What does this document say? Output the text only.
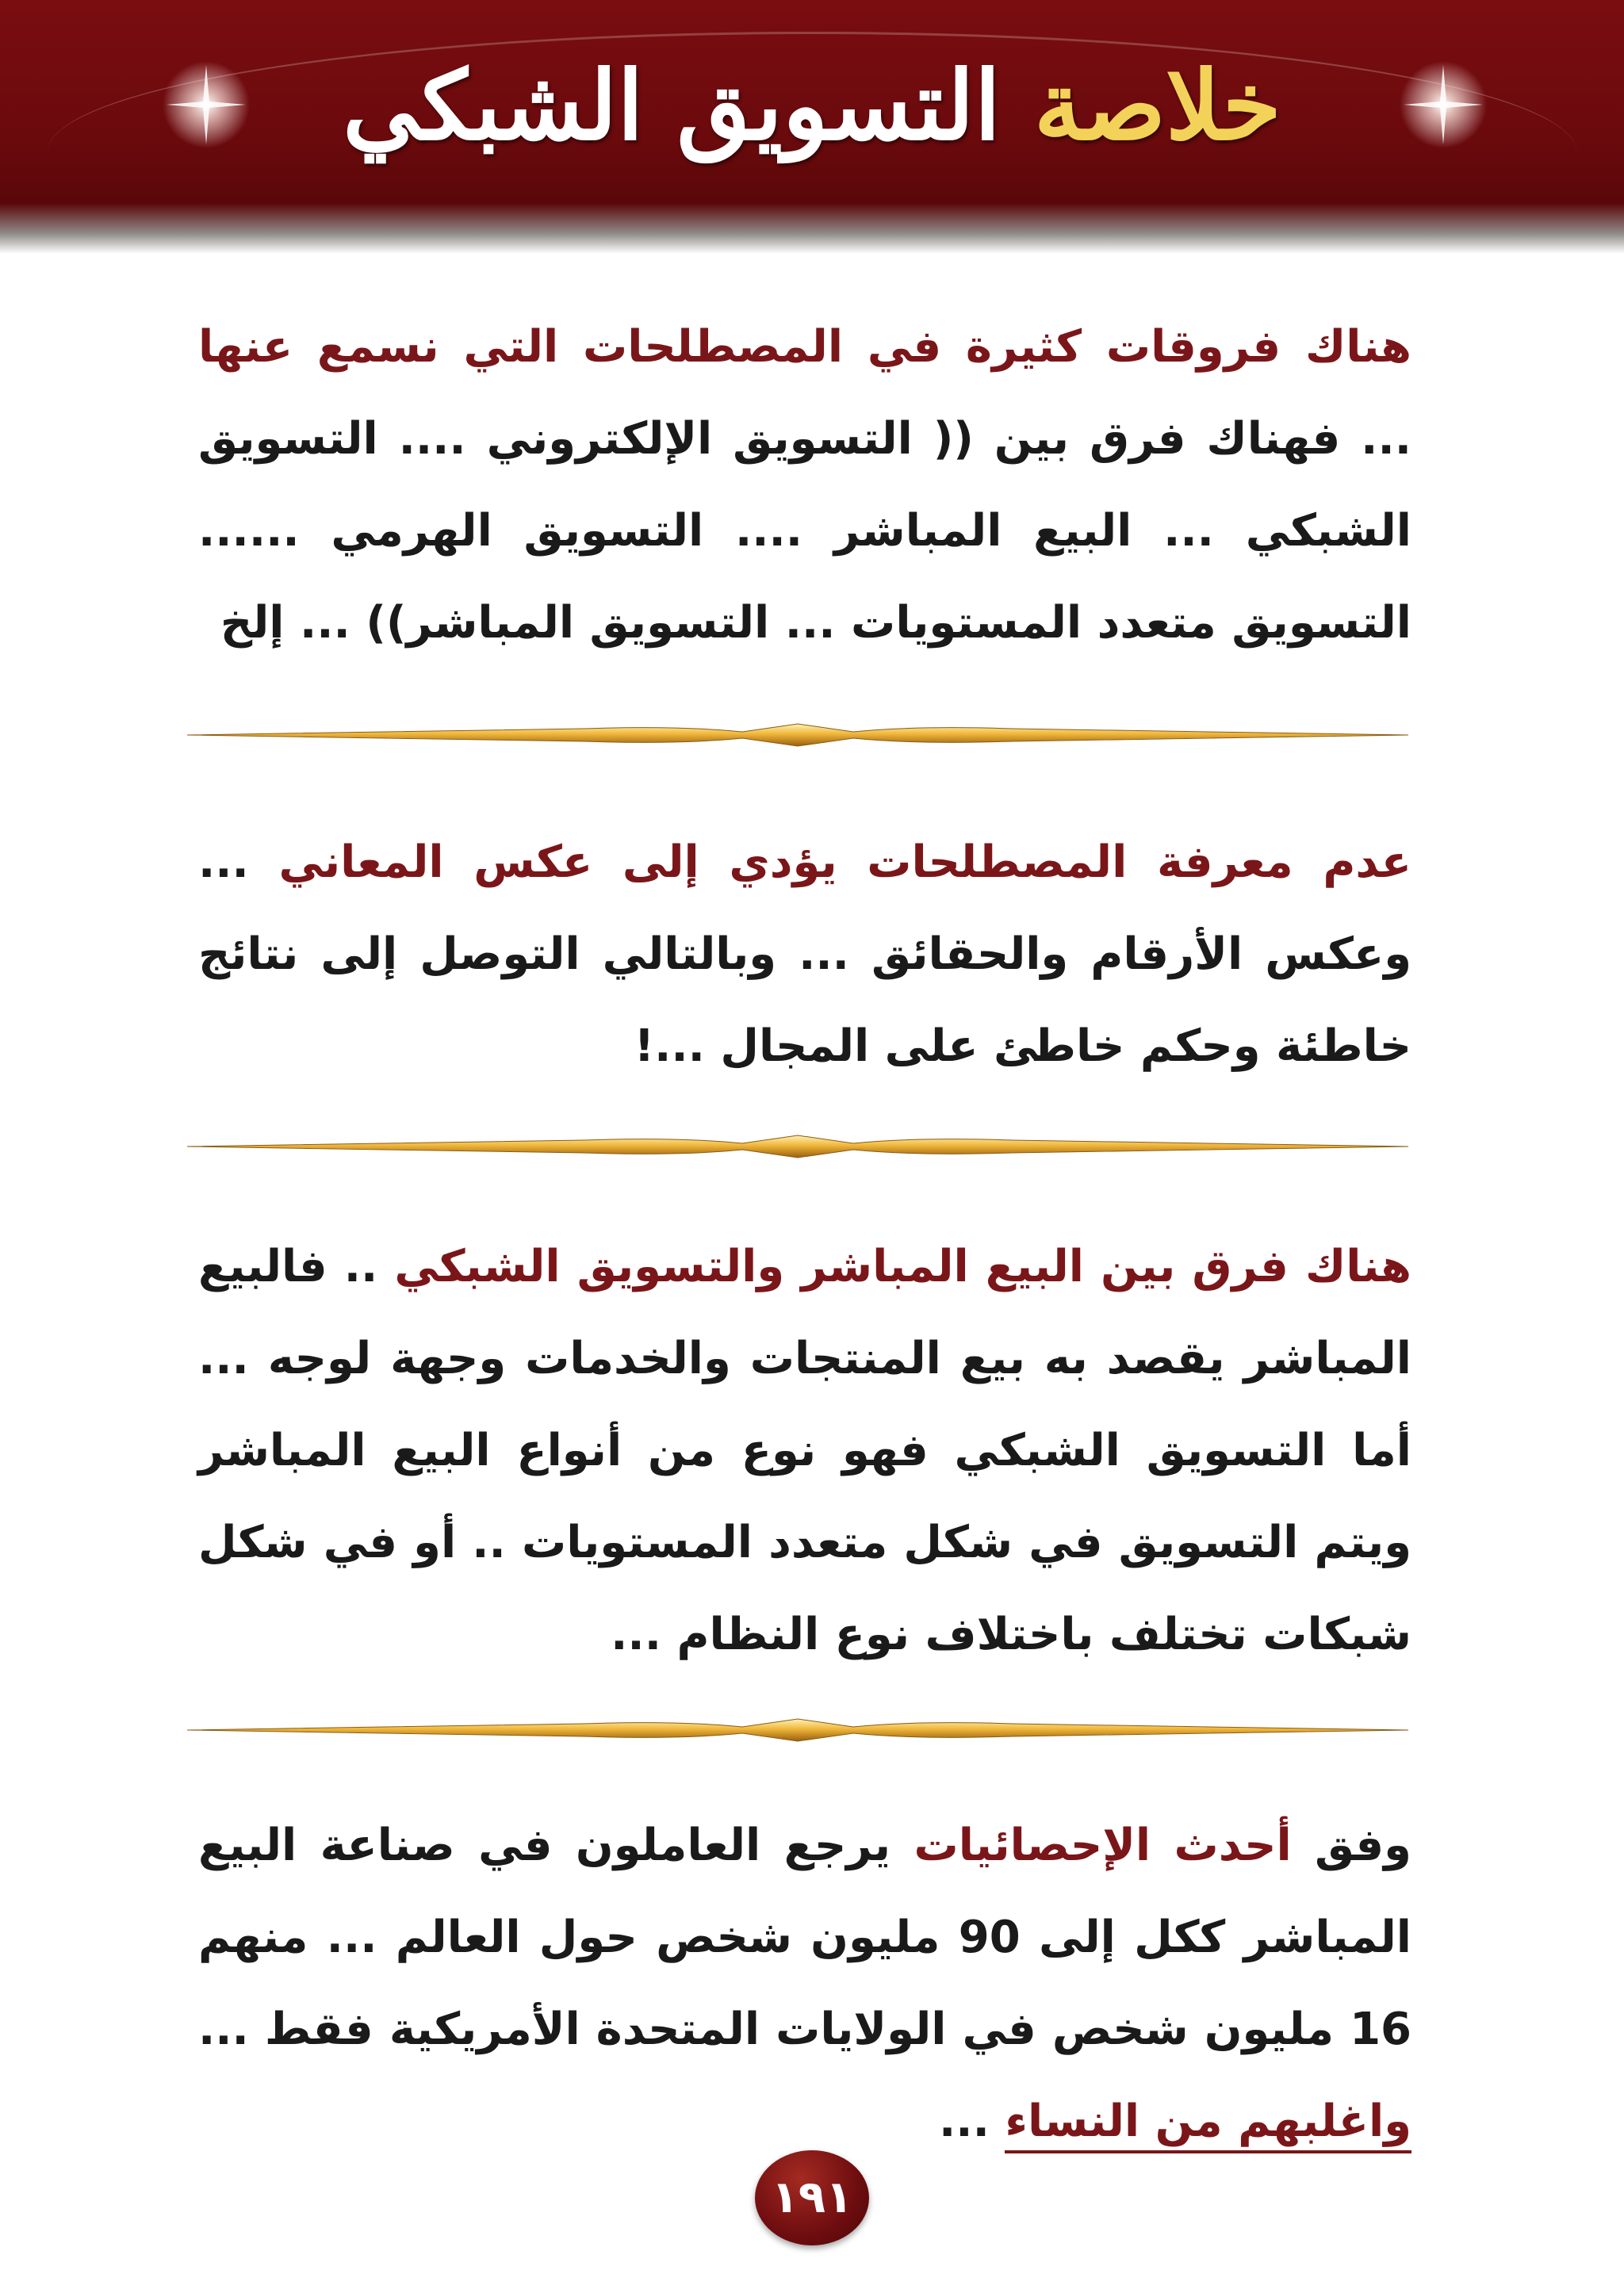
خلاصة التسويق الشبكي

هناك فروقات كثيرة في المصطلحات التي نسمع عنها ... فهناك فرق بين (( التسويق الإلكتروني .... التسويق الشبكي ... البيع المباشر .... التسويق الهرمي ...... التسويق متعدد المستويات ... التسويق المباشر)) ... إلخ

عدم معرفة المصطلحات يؤدي إلى عكس المعاني ... وعكس الأرقام والحقائق ... وبالتالي التوصل إلى نتائج خاطئة وحكم خاطئ على المجال ...!

هناك فرق بين البيع المباشر والتسويق الشبكي .. فالبيع المباشر يقصد به بيع المنتجات والخدمات وجهة لوجه ... أما التسويق الشبكي فهو نوع من أنواع البيع المباشر ويتم التسويق في شكل متعدد المستويات .. أو في شكل شبكات تختلف باختلاف نوع النظام ...

وفق أحدث الإحصائيات يرجع العاملون في صناعة البيع المباشر ككل إلى 90 مليون شخص حول العالم ... منهم 16 مليون شخص في الولايات المتحدة الأمريكية فقط ... واغلبهم من النساء ...

١٩١
